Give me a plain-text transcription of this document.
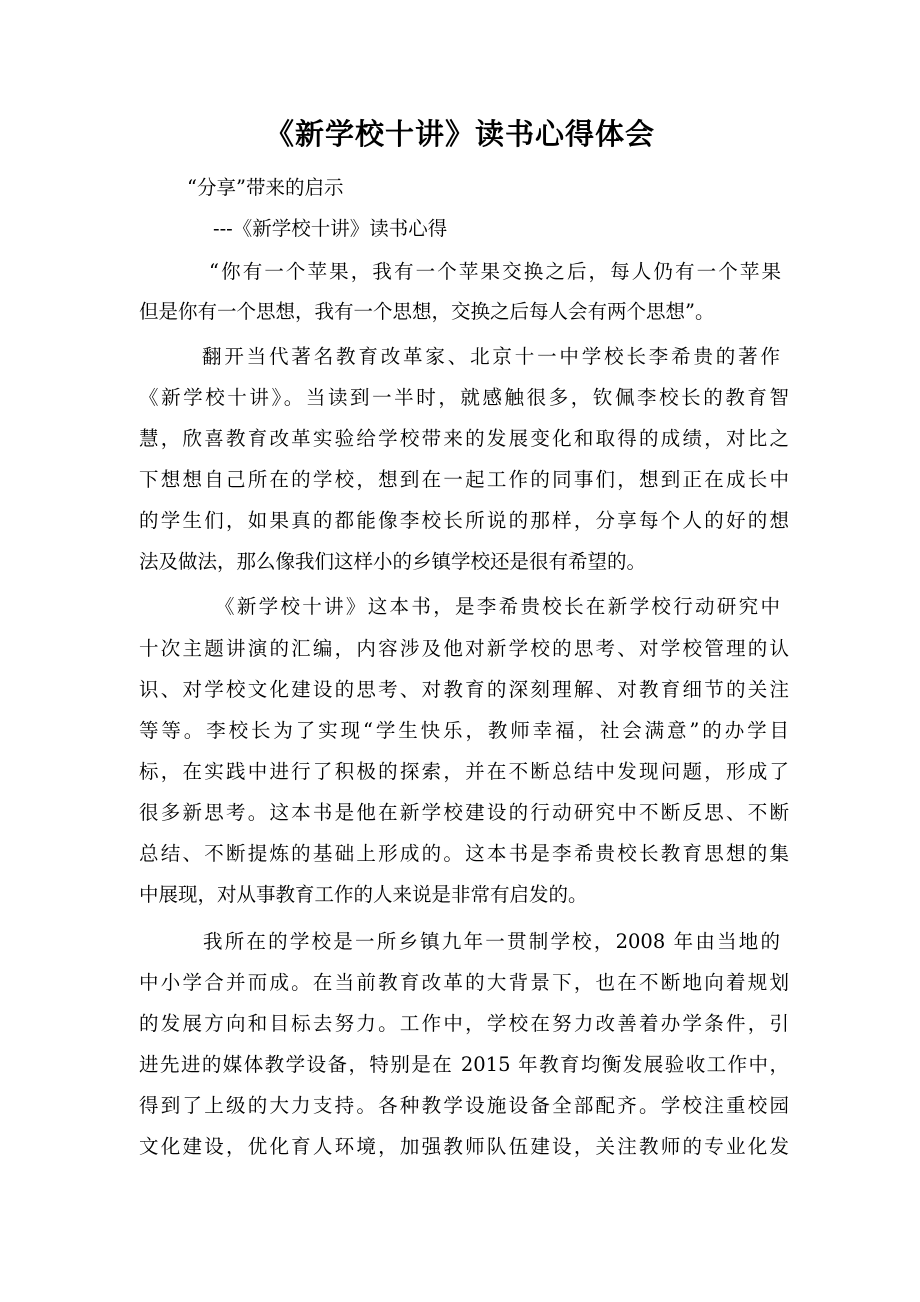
《新学校十讲》读书心得体会
“分享”带来的启示
---《新学校十讲》读书心得
“你有一个苹果，我有一个苹果交换之后，每人仍有一个苹果
但是你有一个思想，我有一个思想，交换之后每人会有两个思想”。
翻开当代著名教育改革家、北京十一中学校长李希贵的著作
《新学校十讲》。当读到一半时，就感触很多，钦佩李校长的教育智
慧，欣喜教育改革实验给学校带来的发展变化和取得的成绩，对比之
下想想自己所在的学校，想到在一起工作的同事们，想到正在成长中
的学生们，如果真的都能像李校长所说的那样，分享每个人的好的想
法及做法，那么像我们这样小的乡镇学校还是很有希望的。
《新学校十讲》这本书，是李希贵校长在新学校行动研究中
十次主题讲演的汇编，内容涉及他对新学校的思考、对学校管理的认
识、对学校文化建设的思考、对教育的深刻理解、对教育细节的关注
等等。李校长为了实现“学生快乐，教师幸福，社会满意”的办学目
标，在实践中进行了积极的探索，并在不断总结中发现问题，形成了
很多新思考。这本书是他在新学校建设的行动研究中不断反思、不断
总结、不断提炼的基础上形成的。这本书是李希贵校长教育思想的集
中展现，对从事教育工作的人来说是非常有启发的。
我所在的学校是一所乡镇九年一贯制学校，2008 年由当地的
中小学合并而成。在当前教育改革的大背景下，也在不断地向着规划
的发展方向和目标去努力。工作中，学校在努力改善着办学条件，引
进先进的媒体教学设备，特别是在 2015 年教育均衡发展验收工作中，
得到了上级的大力支持。各种教学设施设备全部配齐。学校注重校园
文化建设，优化育人环境，加强教师队伍建设，关注教师的专业化发
